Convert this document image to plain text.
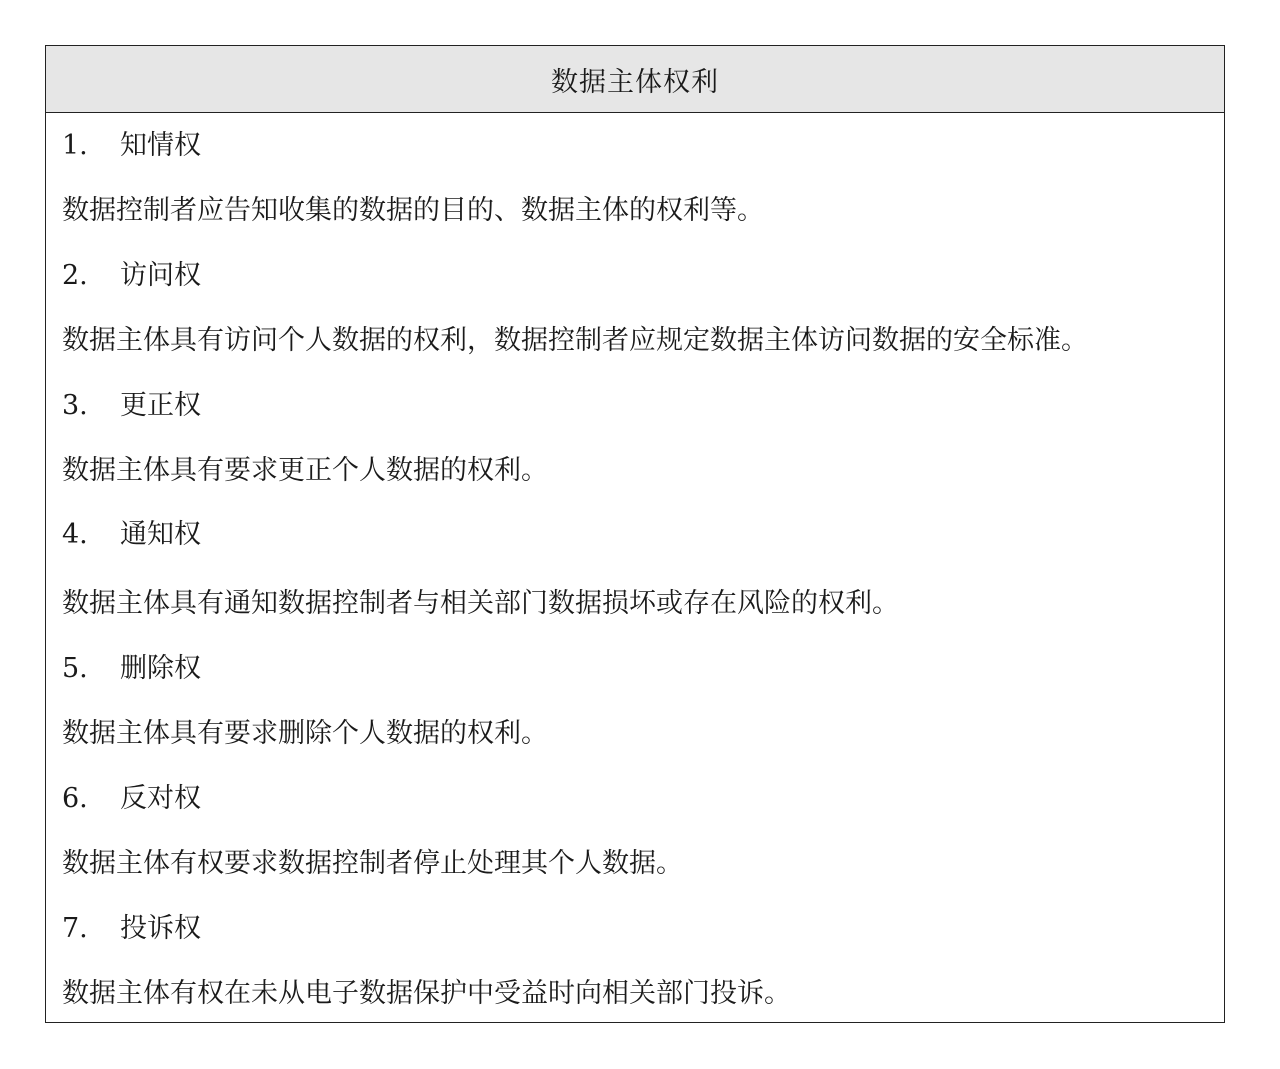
数据主体权利
1.	知情权
数据控制者应告知收集的数据的目的、数据主体的权利等。
2.	访问权
数据主体具有访问个人数据的权利，数据控制者应规定数据主体访问数据的安全标准。
3.	更正权
数据主体具有要求更正个人数据的权利。
4.	通知权
数据主体具有通知数据控制者与相关部门数据损坏或存在风险的权利。
5.	删除权
数据主体具有要求删除个人数据的权利。
6.	反对权
数据主体有权要求数据控制者停止处理其个人数据。
7.	投诉权
数据主体有权在未从电子数据保护中受益时向相关部门投诉。
